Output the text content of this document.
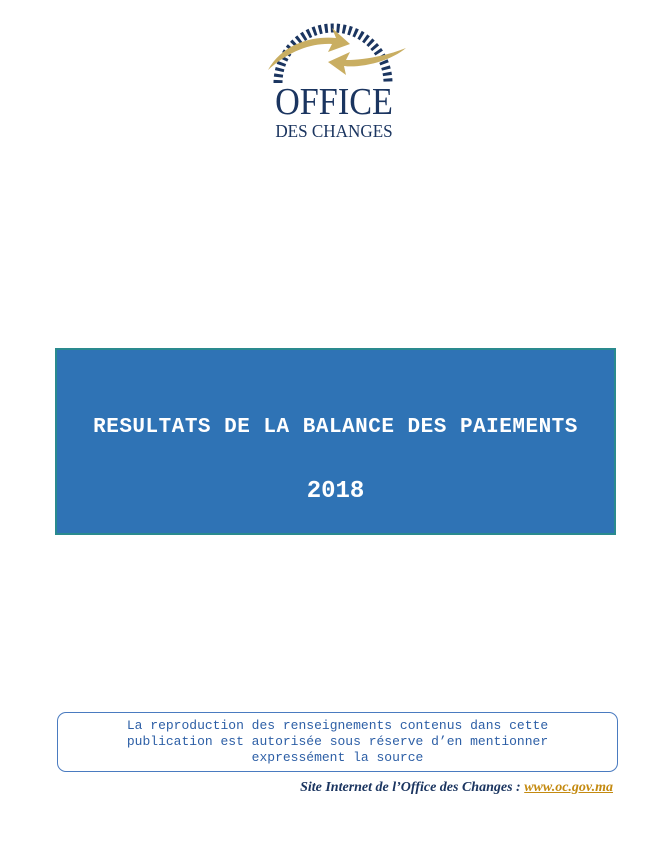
OFFICE
DES CHANGES
RESULTATS DE LA BALANCE DES PAIEMENTS
2018

La reproduction des renseignements contenus dans cette
publication est autorisée sous réserve d’en mentionner
expressément la source

Site Internet de l’Office des Changes : www.oc.gov.ma
